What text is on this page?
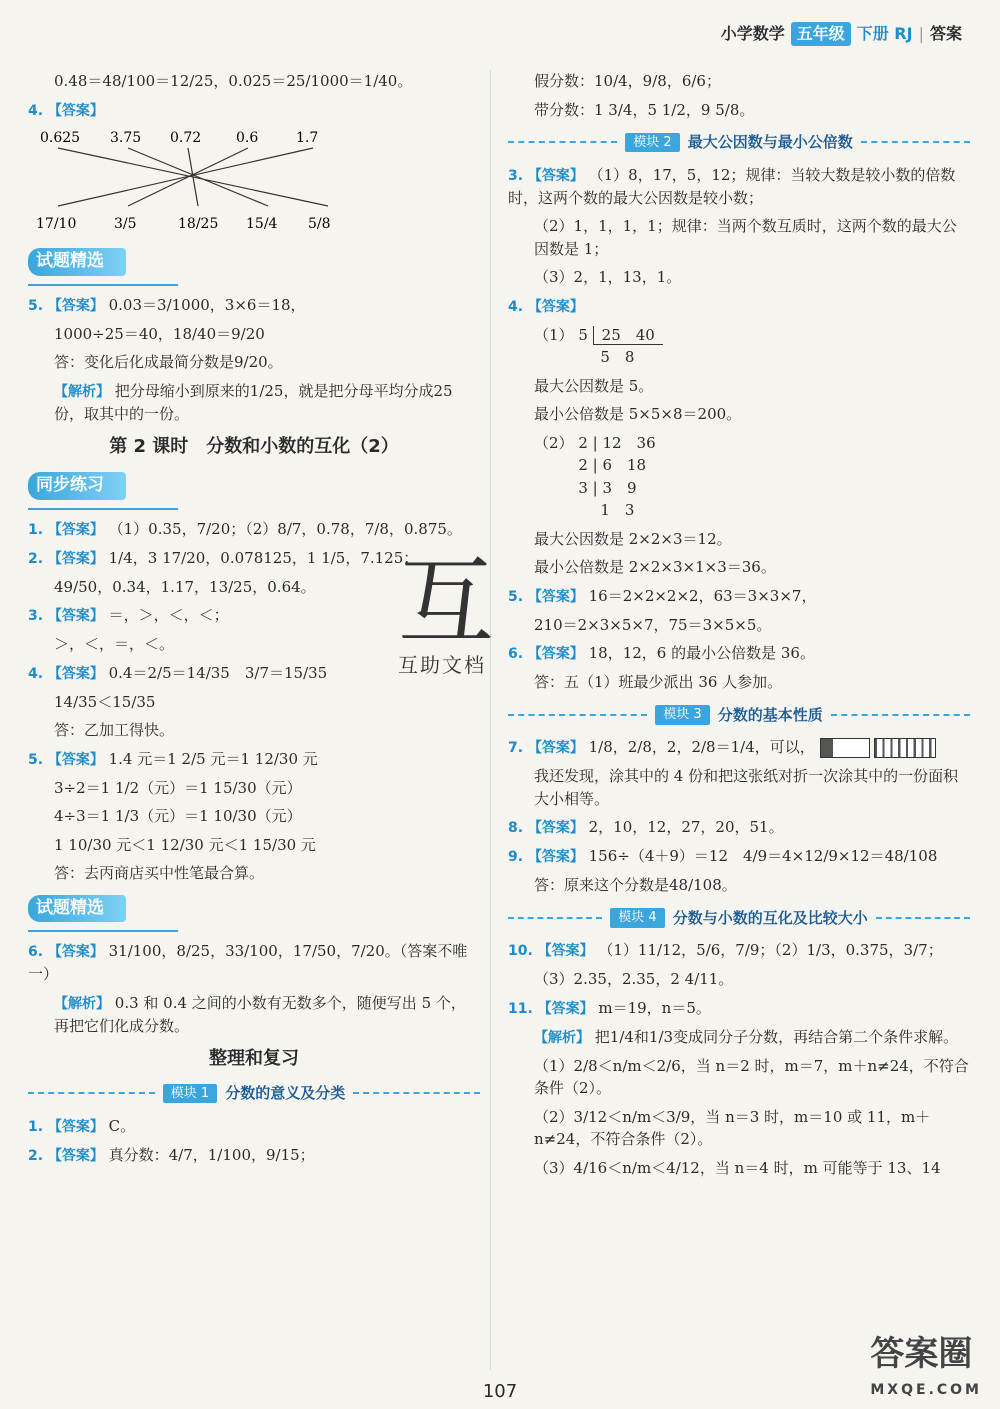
小学数学 五年级 下册 RJ | 答案
0.48＝48/100＝12/25，0.025＝25/1000＝1/40。
4. 【答案】
0.625 3.75 0.72 0.6	1.7
17/10	3/5	18/25 15/4 5/8
试题精选
5. 【答案】 0.03＝3/1000，3×6＝18，
1000÷25＝40，18/40＝9/20
答：变化后化成最简分数是9/20。
【解析】 把分母缩小到原来的1/25，就是把分母平均分成25份，取其中的一份。
第 2 课时　分数和小数的互化（2）
同步练习
1. 【答案】 （1）0.35，7/20；（2）8/7，0.78，7/8，0.875。
2. 【答案】 1/4，3 17/20，0.078125，1 1/5，7.125；
49/50，0.34，1.17，13/25，0.64。
3. 【答案】 ＝，＞，＜，＜；
＞，＜，＝，＜。
4. 【答案】 0.4＝2/5＝14/35　3/7＝15/35
14/35＜15/35
答：乙加工得快。
5. 【答案】 1.4 元＝1 2/5 元＝1 12/30 元
3÷2＝1 1/2（元）＝1 15/30（元）
4÷3＝1 1/3（元）＝1 10/30（元）
1 10/30 元＜1 12/30 元＜1 15/30 元
答：去丙商店买中性笔最合算。
试题精选
6. 【答案】 31/100，8/25，33/100，17/50，7/20。（答案不唯一）
【解析】 0.3 和 0.4 之间的小数有无数多个，随便写出 5 个，再把它们化成分数。
整理和复习
模块 1	分数的意义及分类
1. 【答案】 C。
2. 【答案】 真分数：4/7，1/100，9/15；
假分数：10/4，9/8，6/6；
带分数：1 3/4，5 1/2，9 5/8。
模块 2	最大公因数与最小公倍数
3. 【答案】 （1）8，17，5，12；规律：当较大数是较小数的倍数时，这两个数的最大公因数是较小数；
（2）1，1，1，1；规律：当两个数互质时，这两个数的最大公因数是 1；
（3）2，1，13，1。
4. 【答案】
（1） 5 25　40
5　8
最大公因数是 5。
最小公倍数是 5×5×8＝200。
（2） 2 | 12　36
2 | 6　18
3 | 3　9
1　3
最大公因数是 2×2×3＝12。
最小公倍数是 2×2×3×1×3＝36。
5. 【答案】 16＝2×2×2×2，63＝3×3×7，
210＝2×3×5×7，75＝3×5×5。
6. 【答案】 18，12，6 的最小公倍数是 36。
答：五（1）班最少派出 36 人参加。
模块 3	分数的基本性质
7. 【答案】 1/8，2/8，2，2/8＝1/4，可以，
我还发现，涂其中的 4 份和把这张纸对折一次涂其中的一份面积大小相等。
8. 【答案】 2，10，12，27，20，51。
9. 【答案】 156÷（4＋9）＝12　4/9＝4×12/9×12＝48/108
答：原来这个分数是48/108。
模块 4	分数与小数的互化及比较大小
10. 【答案】 （1）11/12，5/6，7/9；（2）1/3，0.375，3/7；
（3）2.35，2.35，2 4/11。
11. 【答案】 m＝19，n＝5。
【解析】 把1/4和1/3变成同分子分数，再结合第二个条件求解。
（1）2/8＜n/m＜2/6，当 n＝2 时，m＝7，m＋n≠24，不符合条件（2）。
（2）3/12＜n/m＜3/9，当 n＝3 时，m＝10 或 11，m＋n≠24，不符合条件（2）。
（3）4/16＜n/m＜4/12，当 n＝4 时，m 可能等于 13、14
互
互助文档
107
答案圈
MXQE.COM
